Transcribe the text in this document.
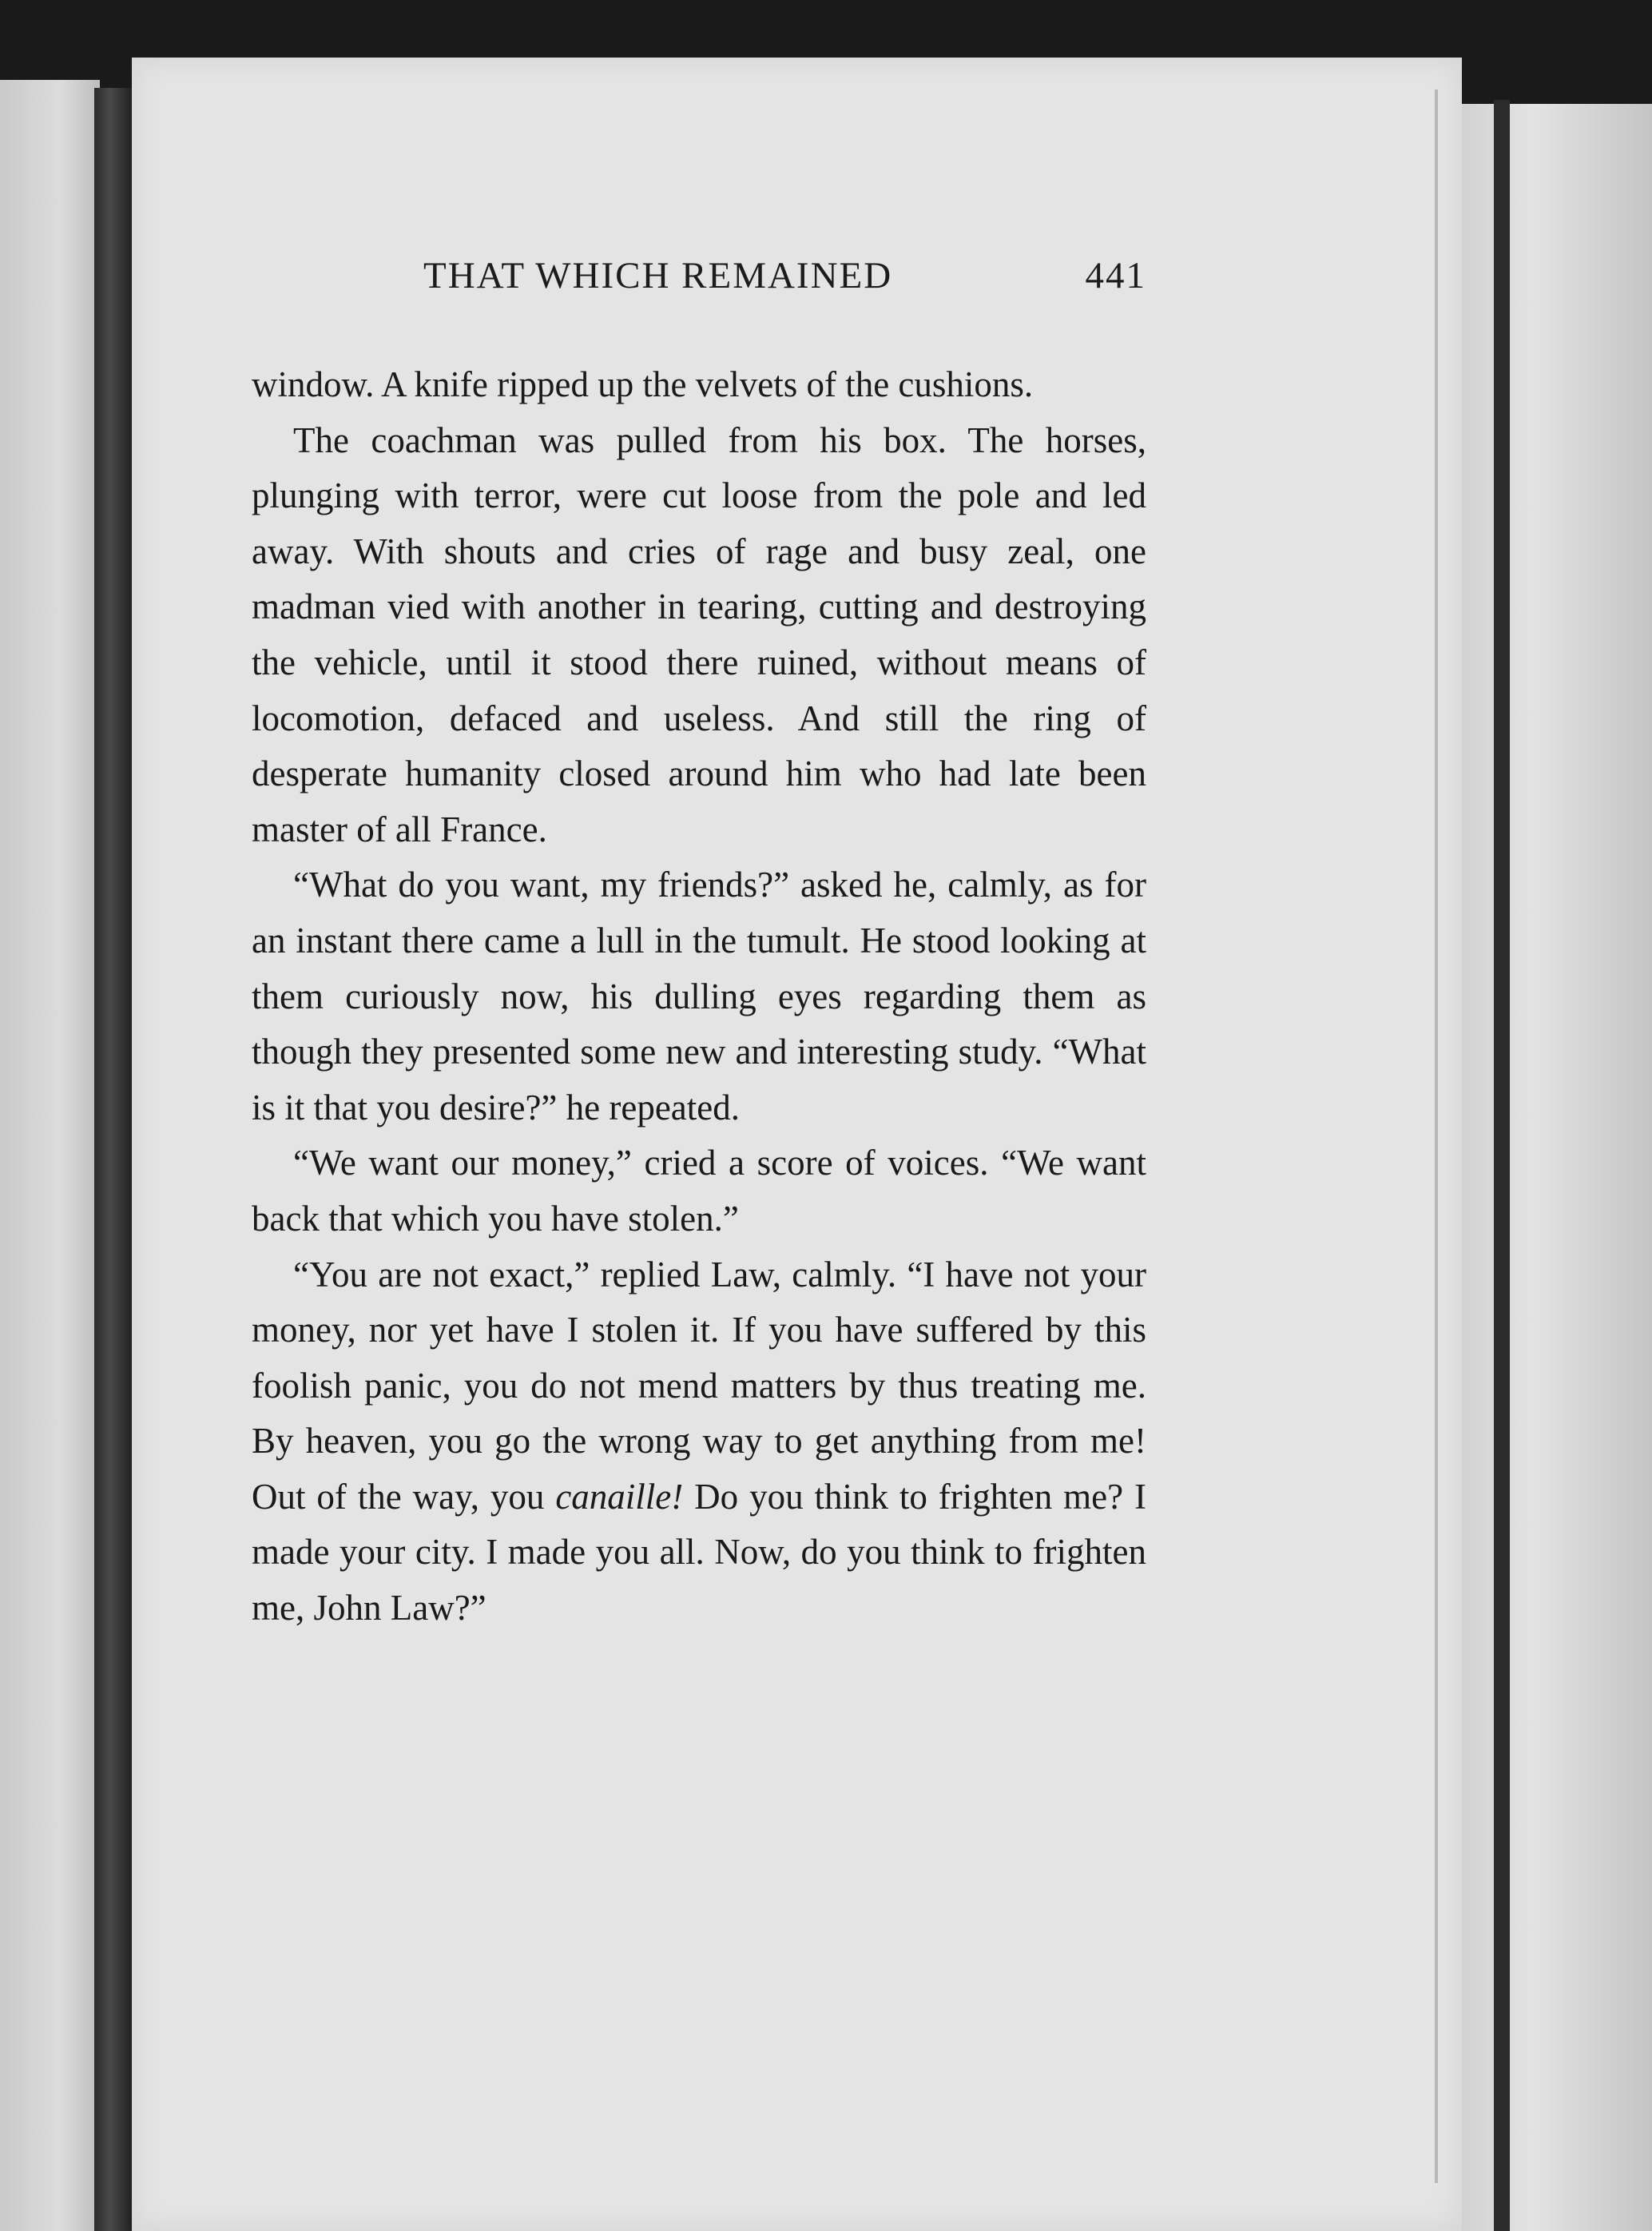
THAT WHICH REMAINED	441

window. A knife ripped up the velvets of the cushions.

The coachman was pulled from his box. The horses, plunging with terror, were cut loose from the pole and led away. With shouts and cries of rage and busy zeal, one madman vied with another in tearing, cutting and destroying the vehicle, until it stood there ruined, without means of locomotion, defaced and useless. And still the ring of desperate humanity closed around him who had late been master of all France.

“What do you want, my friends?” asked he, calmly, as for an instant there came a lull in the tumult. He stood looking at them curiously now, his dulling eyes regarding them as though they presented some new and interesting study. “What is it that you desire?” he repeated.

“We want our money,” cried a score of voices. “We want back that which you have stolen.”

“You are not exact,” replied Law, calmly. “I have not your money, nor yet have I stolen it. If you have suffered by this foolish panic, you do not mend matters by thus treating me. By heaven, you go the wrong way to get anything from me! Out of the way, you canaille! Do you think to frighten me? I made your city. I made you all. Now, do you think to frighten me, John Law?”
